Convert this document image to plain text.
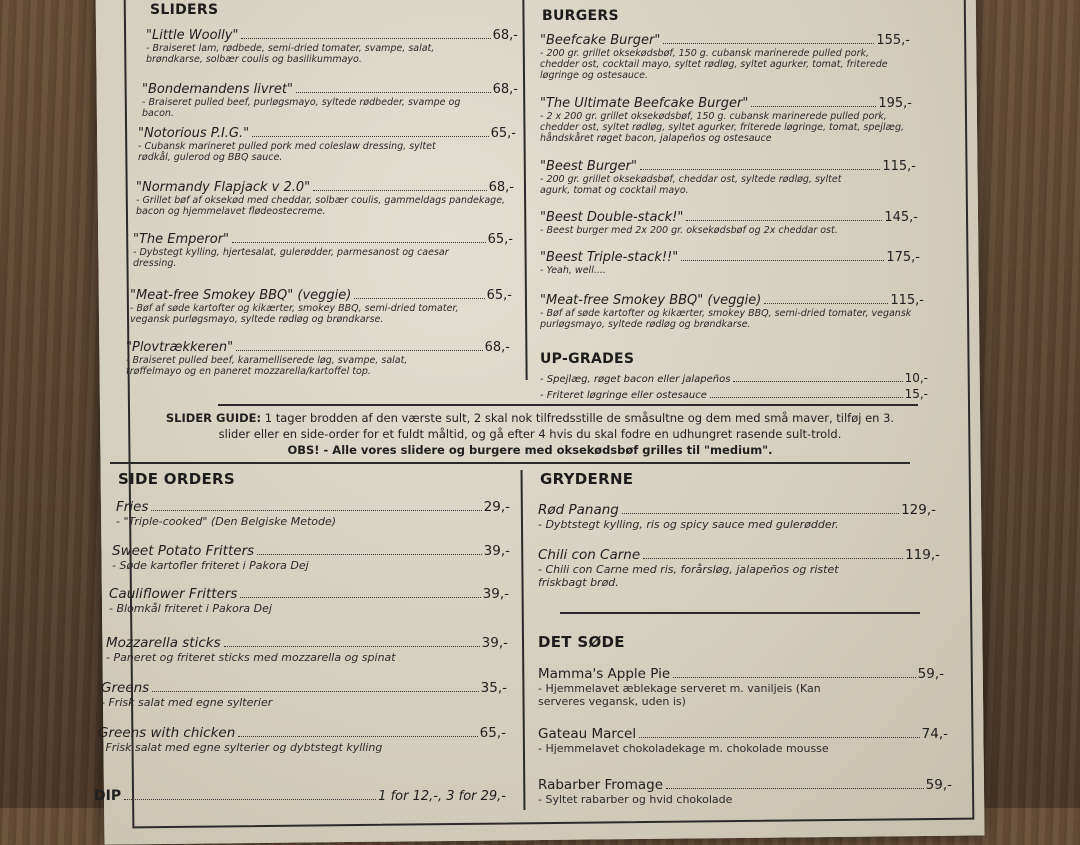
SLIDERS
"Little Woolly"	68,-
- Braiseret lam, rødbede, semi-dried tomater, svampe, salat, brøndkarse, solbær coulis og basilikummayo.
"Bondemandens livret"	68,-
- Braiseret pulled beef, purløgsmayo, syltede rødbeder, svampe og bacon.
"Notorious P.I.G."	65,-
- Cubansk marineret pulled pork med coleslaw dressing, syltet rødkål, gulerod og BBQ sauce.
"Normandy Flapjack v 2.0"	68,-
- Grillet bøf af oksekød med cheddar, solbær coulis, gammeldags pandekage, bacon og hjemmelavet flødeostecreme.
"The Emperor"	65,-
- Dybstegt kylling, hjertesalat, gulerødder, parmesanost og caesar dressing.
"Meat-free Smokey BBQ" (veggie)	65,-
- Bøf af søde kartofter og kikærter, smokey BBQ, semi-dried tomater, vegansk purløgsmayo, syltede rødløg og brøndkarse.
"Plovtrækkeren"	68,-
- Braiseret pulled beef, karamelliserede løg, svampe, salat, trøffelmayo og en paneret mozzarella/kartoffel top.
BURGERS
"Beefcake Burger"	155,-
- 200 gr. grillet oksekødsbøf, 150 g. cubansk marinerede pulled pork, chedder ost, cocktail mayo, syltet rødløg, syltet agurker, tomat, friterede løgringe og ostesauce.
"The Ultimate Beefcake Burger"	195,-
- 2 x 200 gr. grillet oksekødsbøf, 150 g. cubansk marinerede pulled pork, chedder ost, syltet rødløg, syltet agurker, friterede løgringe, tomat, spejlæg, håndskåret røget bacon, jalapeños og ostesauce
"Beest Burger"	115,-
- 200 gr. grillet oksekødsbøf, cheddar ost, syltede rødløg, syltet agurk, tomat og cocktail mayo.
"Beest Double-stack!"	145,-
- Beest burger med 2x 200 gr. oksekødsbøf og 2x cheddar ost.
"Beest Triple-stack!!"	175,-
- Yeah, well....
"Meat-free Smokey BBQ" (veggie)	115,-
- Bøf af søde kartofter og kikærter, smokey BBQ, semi-dried tomater, vegansk purløgsmayo, syltede rødløg og brøndkarse.
UP-GRADES
- Spejlæg, røget bacon eller jalapeños	10,-
- Friteret løgringe eller ostesauce	15,-
SLIDER GUIDE: 1 tager brodden af den værste sult, 2 skal nok tilfredsstille de småsultne og dem med små maver, tilføj en 3. slider eller en side-order for et fuldt måltid, og gå efter 4 hvis du skal fodre en udhungret rasende sult-trold.
OBS! - Alle vores slidere og burgere med oksekødsbøf grilles til "medium".
SIDE ORDERS
Fries	29,-
- "Triple-cooked" (Den Belgiske Metode)
Sweet Potato Fritters	39,-
- Søde kartofler friteret i Pakora Dej
Cauliflower Fritters	39,-
- Blomkål friteret i Pakora Dej
Mozzarella sticks	39,-
- Paneret og friteret sticks med mozzarella og spinat
Greens	35,-
- Frisk salat med egne sylterier
Greens with chicken	65,-
- Frisk salat med egne sylterier og dybtstegt kylling
DIP	1 for 12,-, 3 for 29,-
GRYDERNE
Rød Panang	129,-
- Dybtstegt kylling, ris og spicy sauce med gulerødder.
Chili con Carne	119,-
- Chili con Carne med ris, forårsløg, jalapeños og ristet friskbagt brød.
DET SØDE
Mamma's Apple Pie	59,-
- Hjemmelavet æblekage serveret m. vaniljeis (Kan serveres vegansk, uden is)
Gateau Marcel	74,-
- Hjemmelavet chokoladekage m. chokolade mousse
Rabarber Fromage	59,-
- Syltet rabarber og hvid chokolade
